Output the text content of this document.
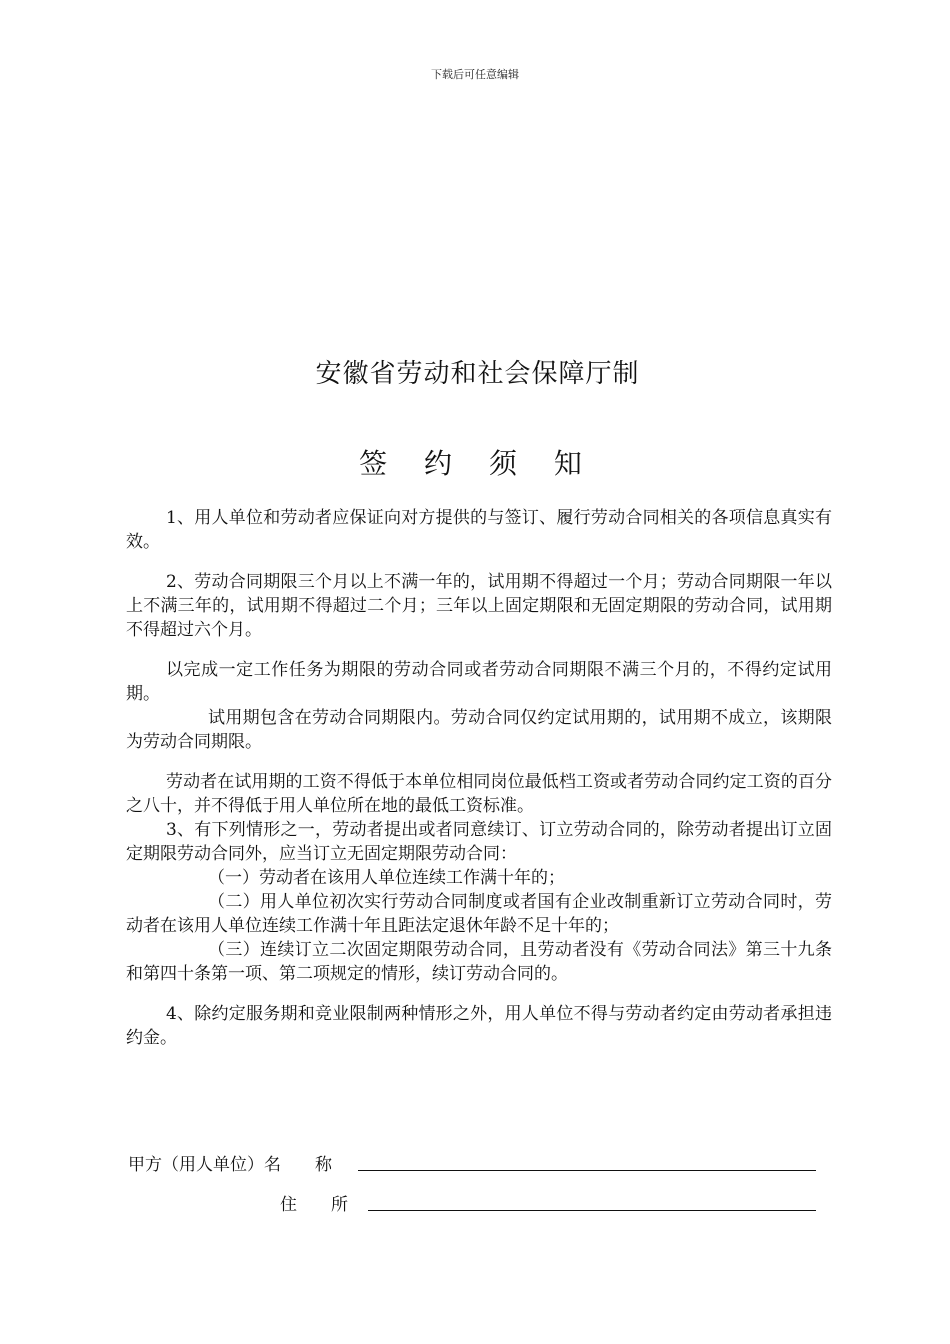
下载后可任意编辑
安徽省劳动和社会保障厅制
签 约 须 知

1、用人单位和劳动者应保证向对方提供的与签订、履行劳动合同相关的各项信息真实有效。

2、劳动合同期限三个月以上不满一年的，试用期不得超过一个月；劳动合同期限一年以上不满三年的，试用期不得超过二个月；三年以上固定期限和无固定期限的劳动合同，试用期不得超过六个月。

以完成一定工作任务为期限的劳动合同或者劳动合同期限不满三个月的，不得约定试用期。

试用期包含在劳动合同期限内。劳动合同仅约定试用期的，试用期不成立，该期限为劳动合同期限。

劳动者在试用期的工资不得低于本单位相同岗位最低档工资或者劳动合同约定工资的百分之八十，并不得低于用人单位所在地的最低工资标准。

3、有下列情形之一，劳动者提出或者同意续订、订立劳动合同的，除劳动者提出订立固定期限劳动合同外，应当订立无固定期限劳动合同：

（一）劳动者在该用人单位连续工作满十年的；

（二）用人单位初次实行劳动合同制度或者国有企业改制重新订立劳动合同时，劳动者在该用人单位连续工作满十年且距法定退休年龄不足十年的；

（三）连续订立二次固定期限劳动合同，且劳动者没有《劳动合同法》第三十九条和第四十条第一项、第二项规定的情形，续订劳动合同的。

4、除约定服务期和竞业限制两种情形之外，用人单位不得与劳动者约定由劳动者承担违约金。

甲方（用人单位）名　　称
住　　所
